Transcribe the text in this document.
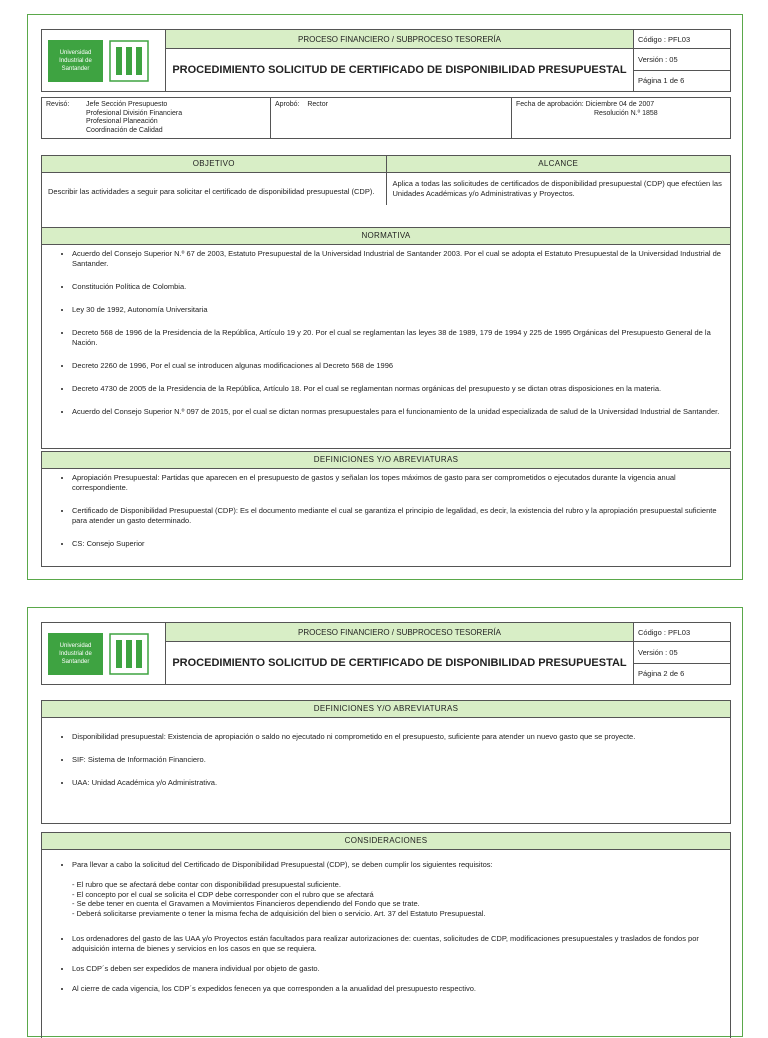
Universidad
Industrial de
Santander	PROCESO FINANCIERO / SUBPROCESO TESORERÍA	Código : PFL03
	PROCEDIMIENTO SOLICITUD DE CERTIFICADO DE DISPONIBILIDAD PRESUPUESTAL	Versión : 05
		Página 1 de 6
Revisó:	Jefe Sección Presupuesto
Profesional División Financiera
Profesional Planeación
Coordinación de Calidad
	Aprobó: Rector	Fecha de aprobación: Diciembre 04 de 2007
Resolución N.º 1858
OBJETIVO
Describir las actividades a seguir para solicitar el certificado de disponibilidad presupuestal (CDP).
ALCANCE
Aplica a todas las solicitudes de certificados de disponibilidad presupuestal (CDP) que efectúen las Unidades Académicas y/o Administrativas y Proyectos.
NORMATIVA
• Acuerdo del Consejo Superior N.º 67 de 2003, Estatuto Presupuestal de la Universidad Industrial de Santander 2003. Por el cual se adopta el Estatuto Presupuestal de la Universidad Industrial de Santander.
• Constitución Política de Colombia.
• Ley 30 de 1992, Autonomía Universitaria
• Decreto 568 de 1996 de la Presidencia de la República, Artículo 19 y 20. Por el cual se reglamentan las leyes 38 de 1989, 179 de 1994 y 225 de 1995 Orgánicas del Presupuesto General de la Nación.
• Decreto 2260 de 1996, Por el cual se introducen algunas modificaciones al Decreto 568 de 1996
• Decreto 4730 de 2005 de la Presidencia de la República, Artículo 18. Por el cual se reglamentan normas orgánicas del presupuesto y se dictan otras disposiciones en la materia.
• Acuerdo del Consejo Superior N.º 097 de 2015, por el cual se dictan normas presupuestales para el funcionamiento de la unidad especializada de salud de la Universidad Industrial de Santander.
DEFINICIONES Y/O ABREVIATURAS
• Apropiación Presupuestal: Partidas que aparecen en el presupuesto de gastos y señalan los topes máximos de gasto para ser comprometidos o ejecutados durante la vigencia anual correspondiente.
• Certificado de Disponibilidad Presupuestal (CDP): Es el documento mediante el cual se garantiza el principio de legalidad, es decir, la existencia del rubro y la apropiación presupuestal suficiente para atender un gasto determinado.
• CS: Consejo Superior
Universidad
Industrial de
Santander	PROCESO FINANCIERO / SUBPROCESO TESORERÍA	Código : PFL03
	PROCEDIMIENTO SOLICITUD DE CERTIFICADO DE DISPONIBILIDAD PRESUPUESTAL	Versión : 05
		Página 2 de 6
DEFINICIONES Y/O ABREVIATURAS
• Disponibilidad presupuestal: Existencia de apropiación o saldo no ejecutado ni comprometido en el presupuesto, suficiente para atender un nuevo gasto que se proyecte.
• SIF: Sistema de Información Financiero.
• UAA: Unidad Académica y/o Administrativa.
CONSIDERACIONES
• Para llevar a cabo la solicitud del Certificado de Disponibilidad Presupuestal (CDP), se deben cumplir los siguientes requisitos:
- El rubro que se afectará debe contar con disponibilidad presupuestal suficiente.
- El concepto por el cual se solicita el CDP debe corresponder con el rubro que se afectará
- Se debe tener en cuenta el Gravamen a Movimientos Financieros dependiendo del Fondo que se trate.
- Deberá solicitarse previamente o tener la misma fecha de adquisición del bien o servicio. Art. 37 del Estatuto Presupuestal.
• Los ordenadores del gasto de las UAA y/o Proyectos están facultados para realizar autorizaciones de: cuentas, solicitudes de CDP, modificaciones presupuestales y traslados de fondos por adquisición interna de bienes y servicios en los casos en que se requiera.
• Los CDP´s deben ser expedidos de manera individual por objeto de gasto.
• Al cierre de cada vigencia, los CDP´s expedidos fenecen ya que corresponden a la anualidad del presupuesto respectivo.
